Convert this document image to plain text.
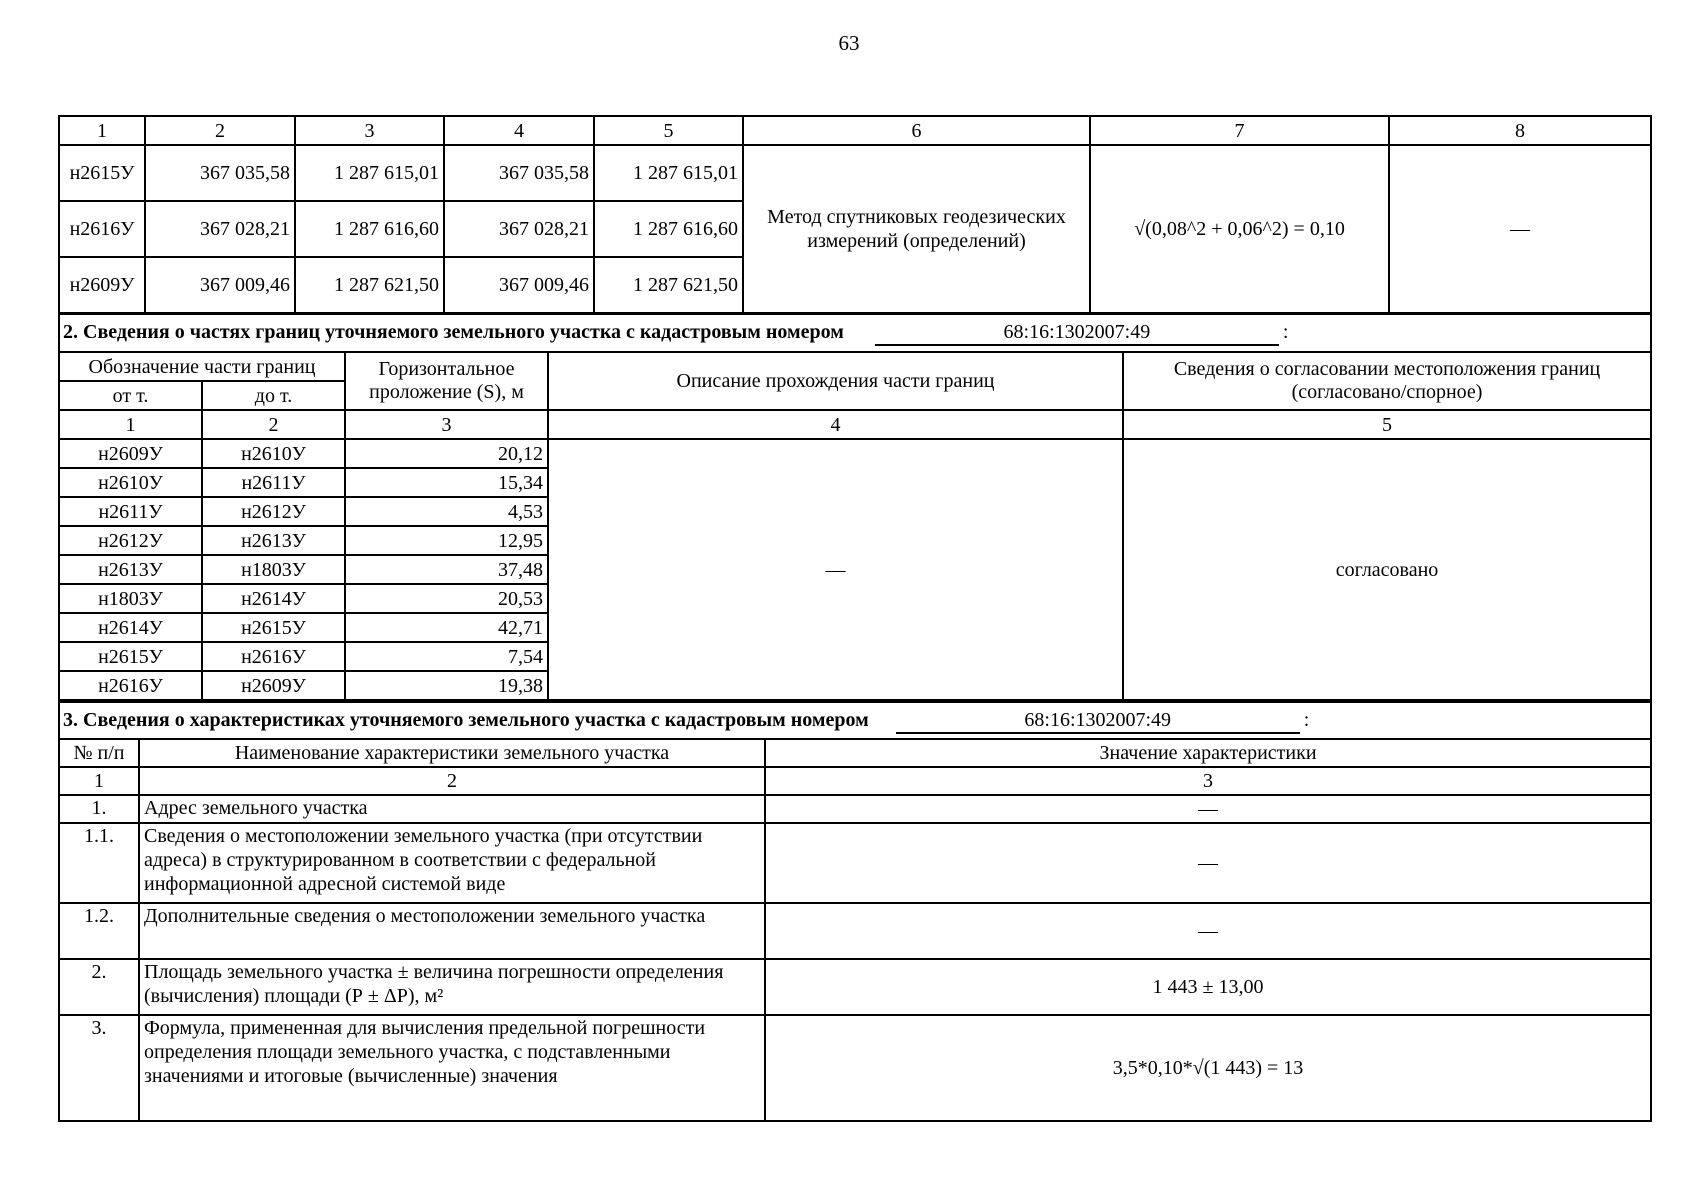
63
1	2	3	4	5	6	7	8
н2615У	367 035,58	1 287 615,01	367 035,58	1 287 615,01	Метод спутниковых геодезических измерений (определений)	√(0,08^2 + 0,06^2) = 0,10	—
н2616У	367 028,21	1 287 616,60	367 028,21	1 287 616,60			
н2609У	367 009,46	1 287 621,50	367 009,46	1 287 621,50			
2. Сведения о частях границ уточняемого земельного участка с кадастровым номером 68:16:1302007:49 :				
Обозначение части границ		Горизонтальное проложение (S), м	Описание прохождения части границ	Сведения о согласовании местоположения границ (согласовано/спорное)
от т.	до т.			
1	2	3	4	5
н2609У	н2610У	20,12	—	согласовано
н2610У	н2611У	15,34		
н2611У	н2612У	4,53		
н2612У	н2613У	12,95		
н2613У	н1803У	37,48		
н1803У	н2614У	20,53		
н2614У	н2615У	42,71		
н2615У	н2616У	7,54		
н2616У	н2609У	19,38		
3. Сведения о характеристиках уточняемого земельного участка с кадастровым номером 68:16:1302007:49 :		
№ п/п	Наименование характеристики земельного участка	Значение характеристики
1	2	3
1.	Адрес земельного участка	—
1.1.	Сведения о местоположении земельного участка (при отсутствии адреса) в структурированном в соответствии с федеральной информационной адресной системой виде	—
1.2.	Дополнительные сведения о местоположении земельного участка	—
2.	Площадь земельного участка ± величина погрешности определения (вычисления) площади (Р ± ΔР), м²	1 443 ± 13,00
3.	Формула, примененная для вычисления предельной погрешности определения площади земельного участка, с подставленными значениями и итоговые (вычисленные) значения	3,5*0,10*√(1 443) = 13
